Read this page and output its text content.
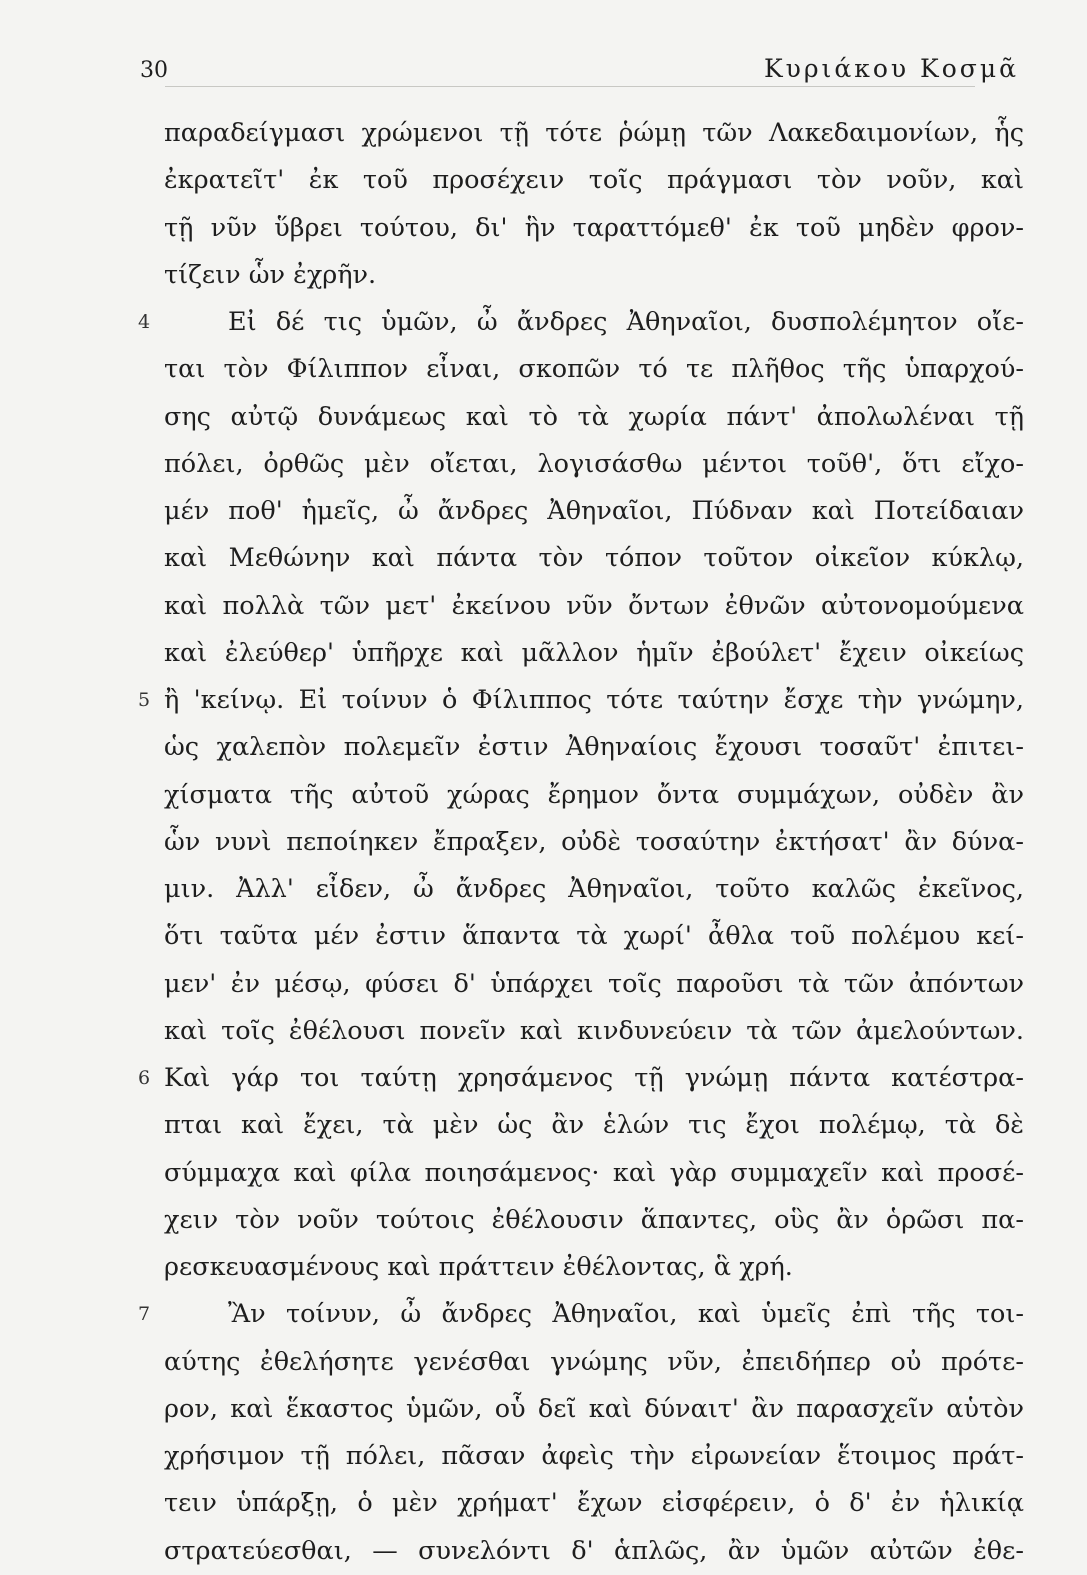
30	Κυριάκου Κοσμᾶ
παραδείγμασι χρώμενοι τῇ τότε ῥώμῃ τῶν Λακεδαιμονίων, ἧς
ἐκρατεῖτ' ἐκ τοῦ προσέχειν τοῖς πράγμασι τὸν νοῦν, καὶ
τῇ νῦν ὕβρει τούτου, δι' ἣν ταραττόμεθ' ἐκ τοῦ μηδὲν φρον-
τίζειν ὧν ἐχρῆν.
4	Εἰ δέ τις ὑμῶν, ὦ ἄνδρες Ἀθηναῖοι, δυσπολέμητον οἴε-
ται τὸν Φίλιππον εἶναι, σκοπῶν τό τε πλῆθος τῆς ὑπαρχού-
σης αὐτῷ δυνάμεως καὶ τὸ τὰ χωρία πάντ' ἀπολωλέναι τῇ
πόλει, ὀρθῶς μὲν οἴεται, λογισάσθω μέντοι τοῦθ', ὅτι εἴχο-
μέν ποθ' ἡμεῖς, ὦ ἄνδρες Ἀθηναῖοι, Πύδναν καὶ Ποτείδαιαν
καὶ Μεθώνην καὶ πάντα τὸν τόπον τοῦτον οἰκεῖον κύκλῳ,
καὶ πολλὰ τῶν μετ' ἐκείνου νῦν ὄντων ἐθνῶν αὐτονομούμενα
καὶ ἐλεύθερ' ὑπῆρχε καὶ μᾶλλον ἡμῖν ἐβούλετ' ἔχειν οἰκείως
5 ἢ 'κείνῳ. Εἰ τοίνυν ὁ Φίλιππος τότε ταύτην ἔσχε τὴν γνώμην,
ὡς χαλεπὸν πολεμεῖν ἐστιν Ἀθηναίοις ἔχουσι τοσαῦτ' ἐπιτει-
χίσματα τῆς αὐτοῦ χώρας ἔρημον ὄντα συμμάχων, οὐδὲν ἂν
ὧν νυνὶ πεποίηκεν ἔπραξεν, οὐδὲ τοσαύτην ἐκτήσατ' ἂν δύνα-
μιν. Ἀλλ' εἶδεν, ὦ ἄνδρες Ἀθηναῖοι, τοῦτο καλῶς ἐκεῖνος,
ὅτι ταῦτα μέν ἐστιν ἅπαντα τὰ χωρί' ἆθλα τοῦ πολέμου κεί-
μεν' ἐν μέσῳ, φύσει δ' ὑπάρχει τοῖς παροῦσι τὰ τῶν ἀπόντων
καὶ τοῖς ἐθέλουσι πονεῖν καὶ κινδυνεύειν τὰ τῶν ἀμελούντων.
6 Καὶ γάρ τοι ταύτῃ χρησάμενος τῇ γνώμῃ πάντα κατέστρα-
πται καὶ ἔχει, τὰ μὲν ὡς ἂν ἑλών τις ἔχοι πολέμῳ, τὰ δὲ
σύμμαχα καὶ φίλα ποιησάμενος· καὶ γὰρ συμμαχεῖν καὶ προσέ-
χειν τὸν νοῦν τούτοις ἐθέλουσιν ἅπαντες, οὓς ἂν ὁρῶσι πα-
ρεσκευασμένους καὶ πράττειν ἐθέλοντας, ἃ χρή.
7	Ἂν τοίνυν, ὦ ἄνδρες Ἀθηναῖοι, καὶ ὑμεῖς ἐπὶ τῆς τοι-
αύτης ἐθελήσητε γενέσθαι γνώμης νῦν, ἐπειδήπερ οὐ πρότε-
ρον, καὶ ἕκαστος ὑμῶν, οὗ δεῖ καὶ δύναιτ' ἂν παρασχεῖν αὑτὸν
χρήσιμον τῇ πόλει, πᾶσαν ἀφεὶς τὴν εἰρωνείαν ἕτοιμος πράτ-
τειν ὑπάρξῃ, ὁ μὲν χρήματ' ἔχων εἰσφέρειν, ὁ δ' ἐν ἡλικίᾳ
στρατεύεσθαι, — συνελόντι δ' ἁπλῶς, ἂν ὑμῶν αὐτῶν ἐθε-
